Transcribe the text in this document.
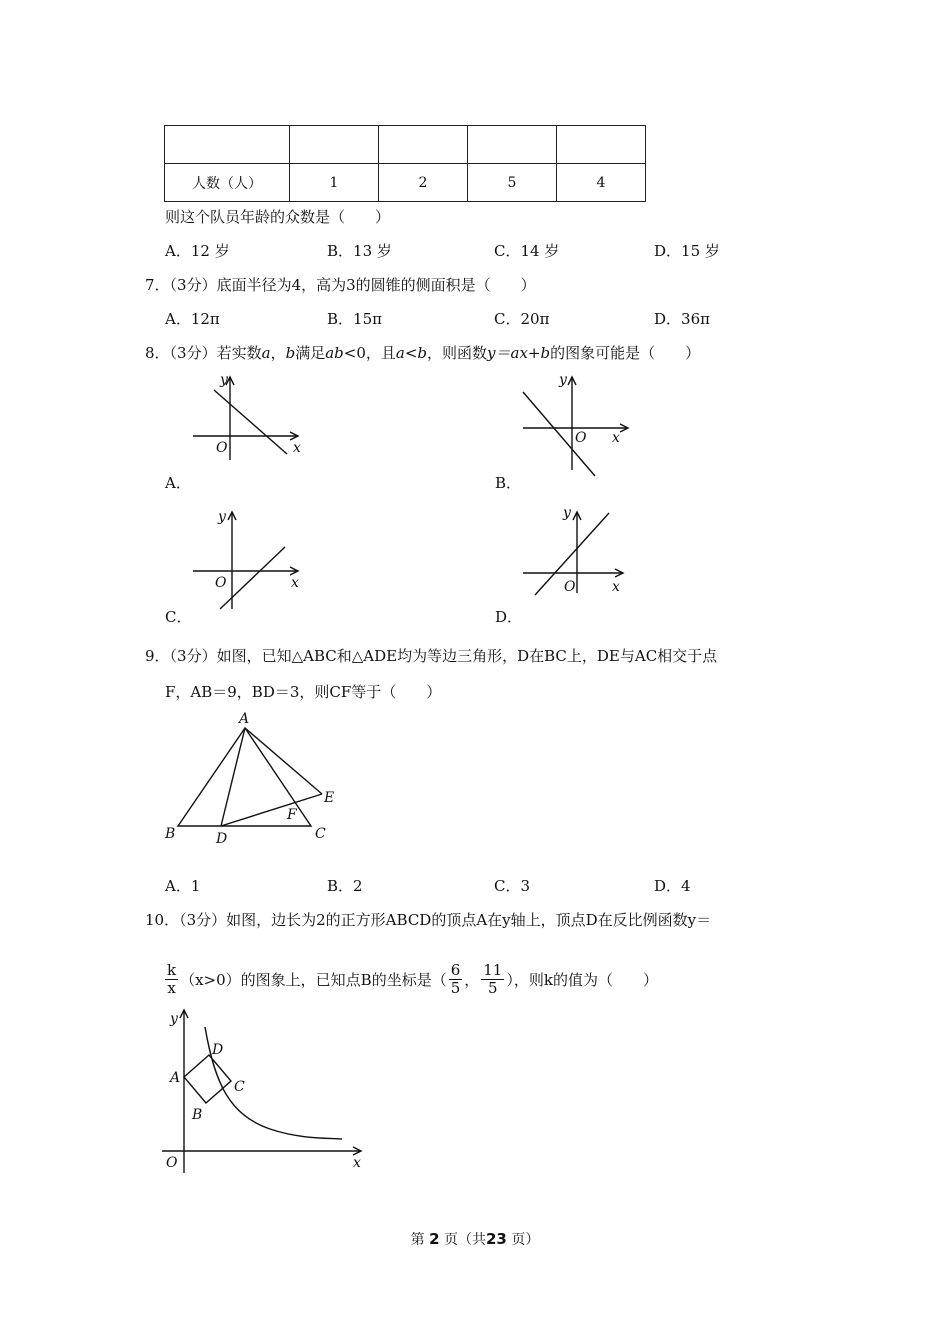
人数（人）	1	2	5	4
则这个队员年龄的众数是（　　）
A．12 岁	B．13 岁	C．14 岁	D．15 岁
7．（3分）底面半径为4，高为3的圆锥的侧面积是（　　）
A．12π	B．15π	C．20π	D．36π
8．（3分）若实数a，b满足ab<0，且a<b，则函数y＝ax+b的图象可能是（　　）
y
x
O
A．
y
x
O
B．
y
x
O
C．
y
x
O
D．
9．（3分）如图，已知△ABC和△ADE均为等边三角形，D在BC上，DE与AC相交于点
F，AB＝9，BD＝3，则CF等于（　　）
A
B	C
D
E
F
A．1	B．2	C．3	D．4
10．（3分）如图，边长为2的正方形ABCD的顶点A在y轴上，顶点D在反比例函数y＝
$\frac{k}{x} (x>0)$的图象上，已知点B的坐标是（ $\frac{6}{5}$ ， $\frac{11}{5}$ ），则k的值为（　　）
y
x
O
A
B
C
D
第 2 页（共23 页）
